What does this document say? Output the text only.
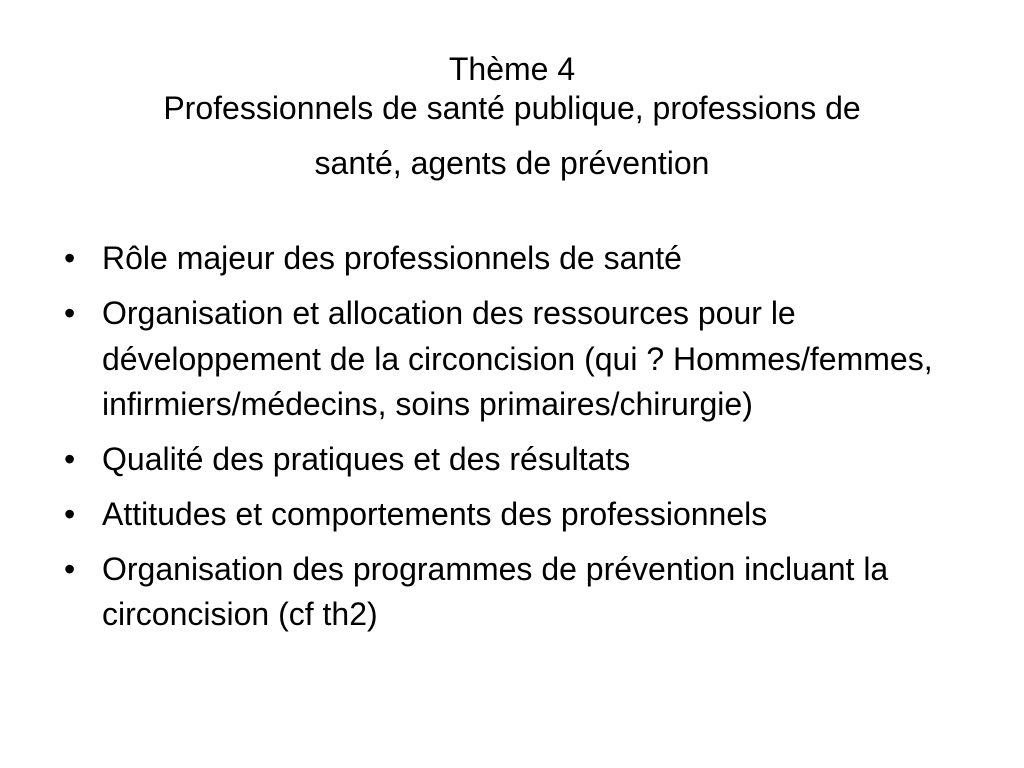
Thème 4
Professionnels de santé publique, professions de
santé, agents de prévention
• Rôle majeur des professionnels de santé
• Organisation et allocation des ressources pour le développement de la circoncision (qui ? Hommes/femmes, infirmiers/médecins, soins primaires/chirurgie)
• Qualité des pratiques et des résultats
• Attitudes et comportements des professionnels
• Organisation des programmes de prévention incluant la circoncision (cf th2)
